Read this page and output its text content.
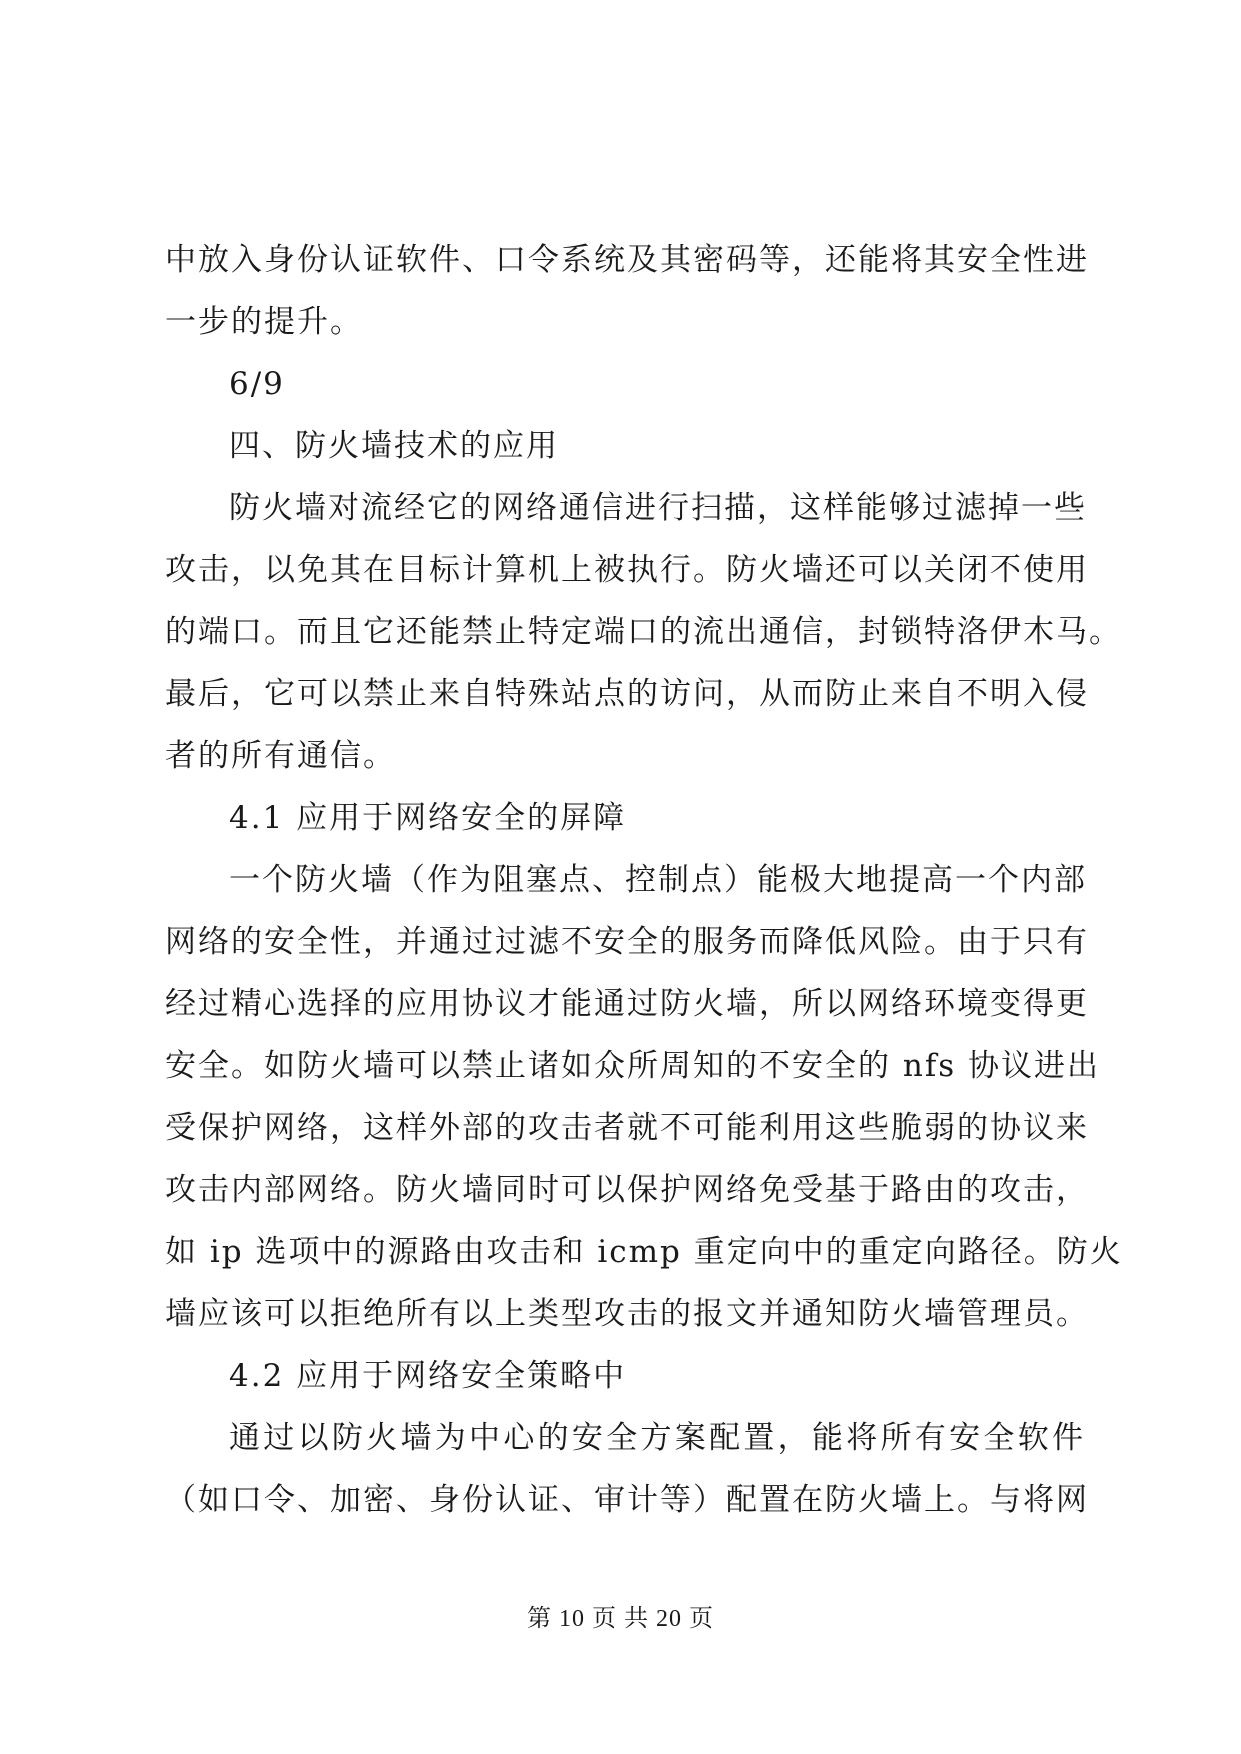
中放入身份认证软件、口令系统及其密码等，还能将其安全性进
一步的提升。
6/9
四、防火墙技术的应用
防火墙对流经它的网络通信进行扫描，这样能够过滤掉一些
攻击，以免其在目标计算机上被执行。防火墙还可以关闭不使用
的端口。而且它还能禁止特定端口的流出通信，封锁特洛伊木马。
最后，它可以禁止来自特殊站点的访问，从而防止来自不明入侵
者的所有通信。
4.1 应用于网络安全的屏障
一个防火墙（作为阻塞点、控制点）能极大地提高一个内部
网络的安全性，并通过过滤不安全的服务而降低风险。由于只有
经过精心选择的应用协议才能通过防火墙，所以网络环境变得更
安全。如防火墙可以禁止诸如众所周知的不安全的 nfs 协议进出
受保护网络，这样外部的攻击者就不可能利用这些脆弱的协议来
攻击内部网络。防火墙同时可以保护网络免受基于路由的攻击，
如 ip 选项中的源路由攻击和 icmp 重定向中的重定向路径。防火
墙应该可以拒绝所有以上类型攻击的报文并通知防火墙管理员。
4.2 应用于网络安全策略中
通过以防火墙为中心的安全方案配置，能将所有安全软件
（如口令、加密、身份认证、审计等）配置在防火墙上。与将网
第 10 页 共 20 页
